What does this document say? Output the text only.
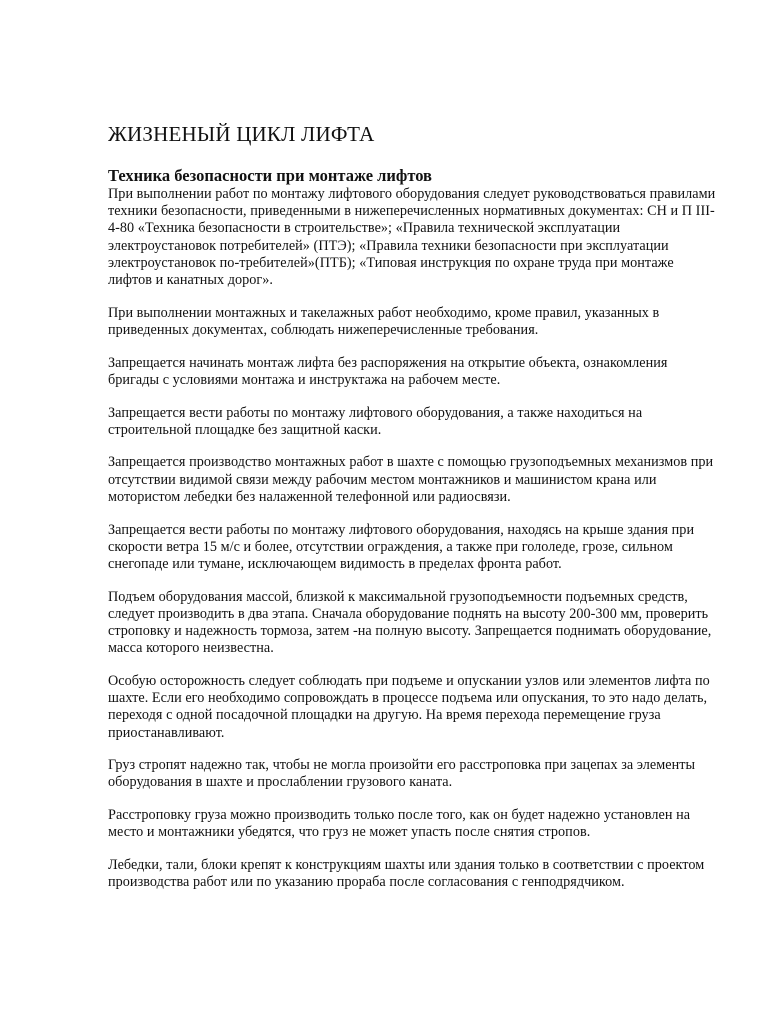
ЖИЗНЕНЫЙ ЦИКЛ ЛИФТА
Техника безопасности при монтаже лифтов

При выполнении работ по монтажу лифтового оборудования следует руководствоваться правилами техники безопасности, приведенными в нижеперечисленных нормативных документах: СН и П III-4-80 «Техника безопасности в строительстве»; «Правила технической эксплуатации электроустановок потребителей» (ПТЭ); «Правила техники безопасности при эксплуатации электроустановок по-требителей»(ПТБ); «Типовая инструкция по охране труда при монтаже лифтов и канатных дорог».

При выполнении монтажных и такелажных работ необходимо, кроме правил, указанных в приведенных документах, соблюдать нижеперечисленные требования.

Запрещается начинать монтаж лифта без распоряжения на открытие объекта, ознакомления бригады с условиями монтажа и инструктажа на рабочем месте.

Запрещается вести работы по монтажу лифтового оборудования, а также находиться на строительной площадке без защитной каски.

Запрещается производство монтажных работ в шахте с помощью грузоподъемных механизмов при отсутствии видимой связи между рабочим местом монтажников и машинистом крана или мотористом лебедки без налаженной телефонной или радиосвязи.

Запрещается вести работы по монтажу лифтового оборудования, находясь на крыше здания при скорости ветра 15 м/с и более, отсутствии ограждения, а также при гололеде, грозе, сильном снегопаде или тумане, исключающем видимость в пределах фронта работ.

Подъем оборудования массой, близкой к максимальной грузоподъемности подъемных средств, следует производить в два этапа. Сначала оборудование поднять на высоту 200-300 мм, проверить строповку и надежность тормоза, затем -на полную высоту. Запрещается поднимать оборудование, масса которого неизвестна.

Особую осторожность следует соблюдать при подъеме и опускании узлов или элементов лифта по шахте. Если его необходимо сопровождать в процессе подъема или опускания, то это надо делать, переходя с одной посадочной площадки на другую. На время перехода перемещение груза приостанавливают.

Груз стропят надежно так, чтобы не могла произойти его расстроповка при зацепах за элементы оборудования в шахте и прослаблении грузового каната.

Расстроповку груза можно производить только после того, как он будет надежно установлен на место и монтажники убедятся, что груз не может упасть после снятия стропов.

Лебедки, тали, блоки крепят к конструкциям шахты или здания только в соответствии с проектом производства работ или по указанию прораба после согласования с генподрядчиком.
